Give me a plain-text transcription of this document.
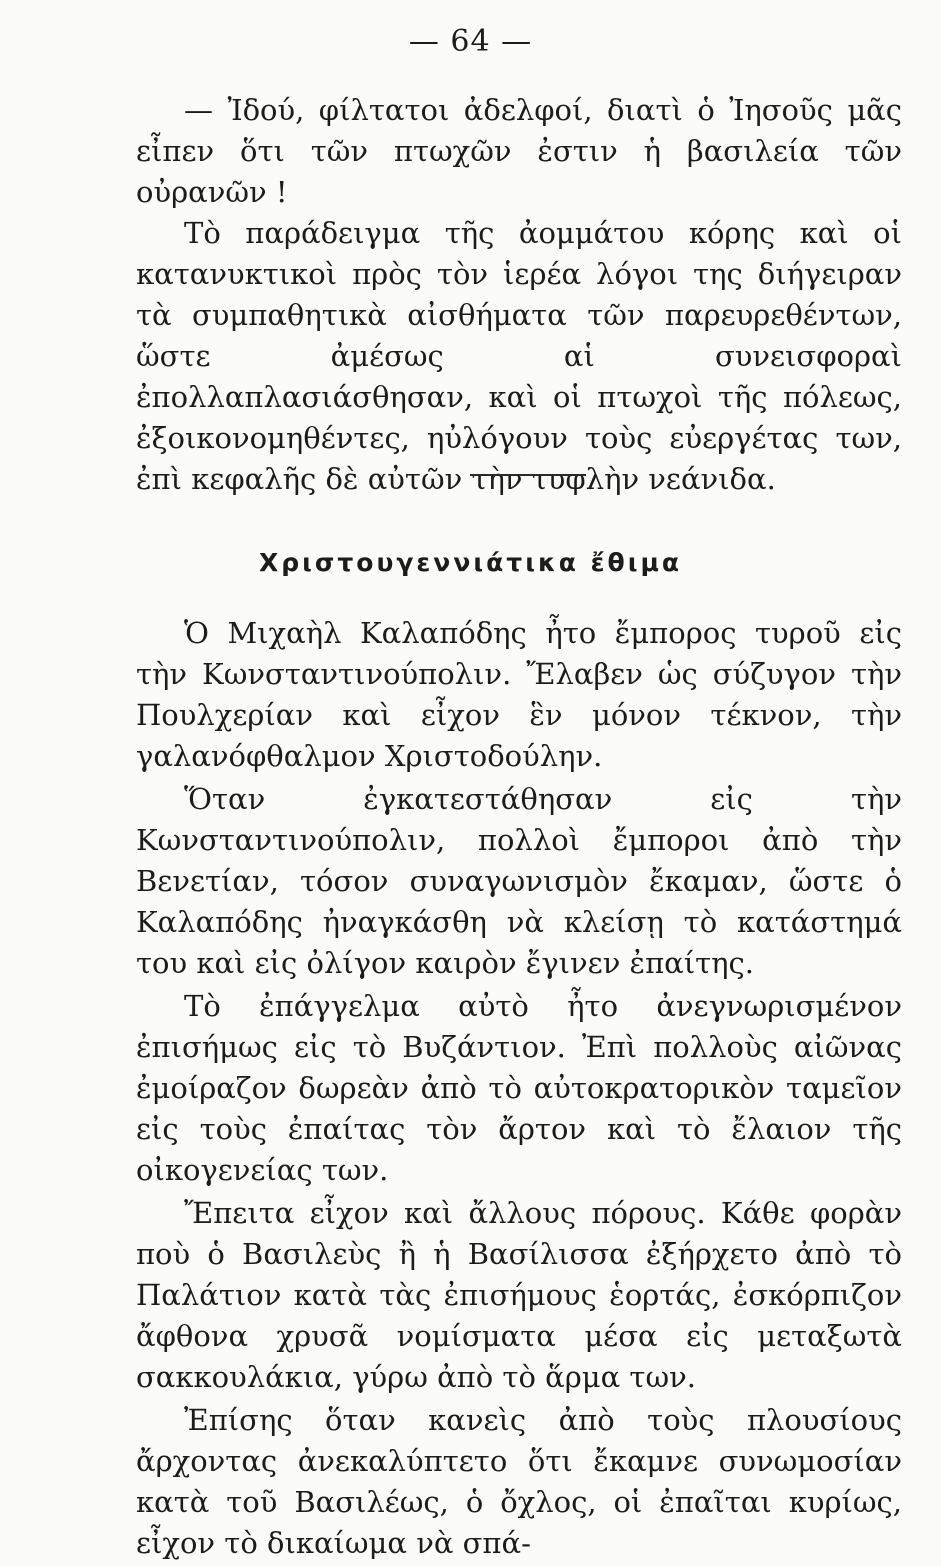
— 64 —

— Ἰδού, φίλτατοι ἀδελφοί, διατὶ ὁ Ἰησοῦς μᾶς εἶπεν ὅτι τῶν πτωχῶν ἐστιν ἡ βασιλεία τῶν οὐρανῶν !

Τὸ παράδειγμα τῆς ἀομμάτου κόρης καὶ οἱ κατανυκτικοὶ πρὸς τὸν ἱερέα λόγοι της διήγειραν τὰ συμπαθητικὰ αἰσθήματα τῶν παρευρεθέντων, ὥστε ἀμέσως αἱ συνεισφοραὶ ἐπολλαπλασιάσθησαν, καὶ οἱ πτωχοὶ τῆς πόλεως, ἐξοικονομηθέντες, ηὐλόγουν τοὺς εὐεργέτας των, ἐπὶ κεφαλῆς δὲ αὐτῶν τὴν τυφλὴν νεάνιδα.

Χριστουγεννιάτικα ἔθιμα

Ὁ Μιχαὴλ Καλαπόδης ἦτο ἔμπορος τυροῦ εἰς τὴν Κωνσταντινούπολιν. Ἔλαβεν ὡς σύζυγον τὴν Πουλχερίαν καὶ εἶχον ἓν μόνον τέκνον, τὴν γαλανόφθαλμον Χριστοδούλην.

Ὅταν ἐγκατεστάθησαν εἰς τὴν Κωνσταντινούπολιν, πολλοὶ ἔμποροι ἀπὸ τὴν Βενετίαν, τόσον συναγωνισμὸν ἔκαμαν, ὥστε ὁ Καλαπόδης ἠναγκάσθη νὰ κλείσῃ τὸ κατάστημά του καὶ εἰς ὀλίγον καιρὸν ἔγινεν ἐπαίτης.

Τὸ ἐπάγγελμα αὐτὸ ἦτο ἀνεγνωρισμένον ἐπισήμως εἰς τὸ Βυζάντιον. Ἐπὶ πολλοὺς αἰῶνας ἐμοίραζον δωρεὰν ἀπὸ τὸ αὐτοκρατορικὸν ταμεῖον εἰς τοὺς ἐπαίτας τὸν ἄρτον καὶ τὸ ἔλαιον τῆς οἰκογενείας των.

Ἔπειτα εἶχον καὶ ἄλλους πόρους. Κάθε φορὰν ποὺ ὁ Βασιλεὺς ἢ ἡ Βασίλισσα ἐξήρχετο ἀπὸ τὸ Παλάτιον κατὰ τὰς ἐπισήμους ἑορτάς, ἐσκόρπιζον ἄφθονα χρυσᾶ νομίσματα μέσα εἰς μεταξωτὰ σακκουλάκια, γύρω ἀπὸ τὸ ἅρμα των.

Ἐπίσης ὅταν κανεὶς ἀπὸ τοὺς πλουσίους ἄρχοντας ἀνεκαλύπτετο ὅτι ἔκαμνε συνωμοσίαν κατὰ τοῦ Βασιλέως, ὁ ὄχλος, οἱ ἐπαῖται κυρίως, εἶχον τὸ δικαίωμα νὰ σπά-
